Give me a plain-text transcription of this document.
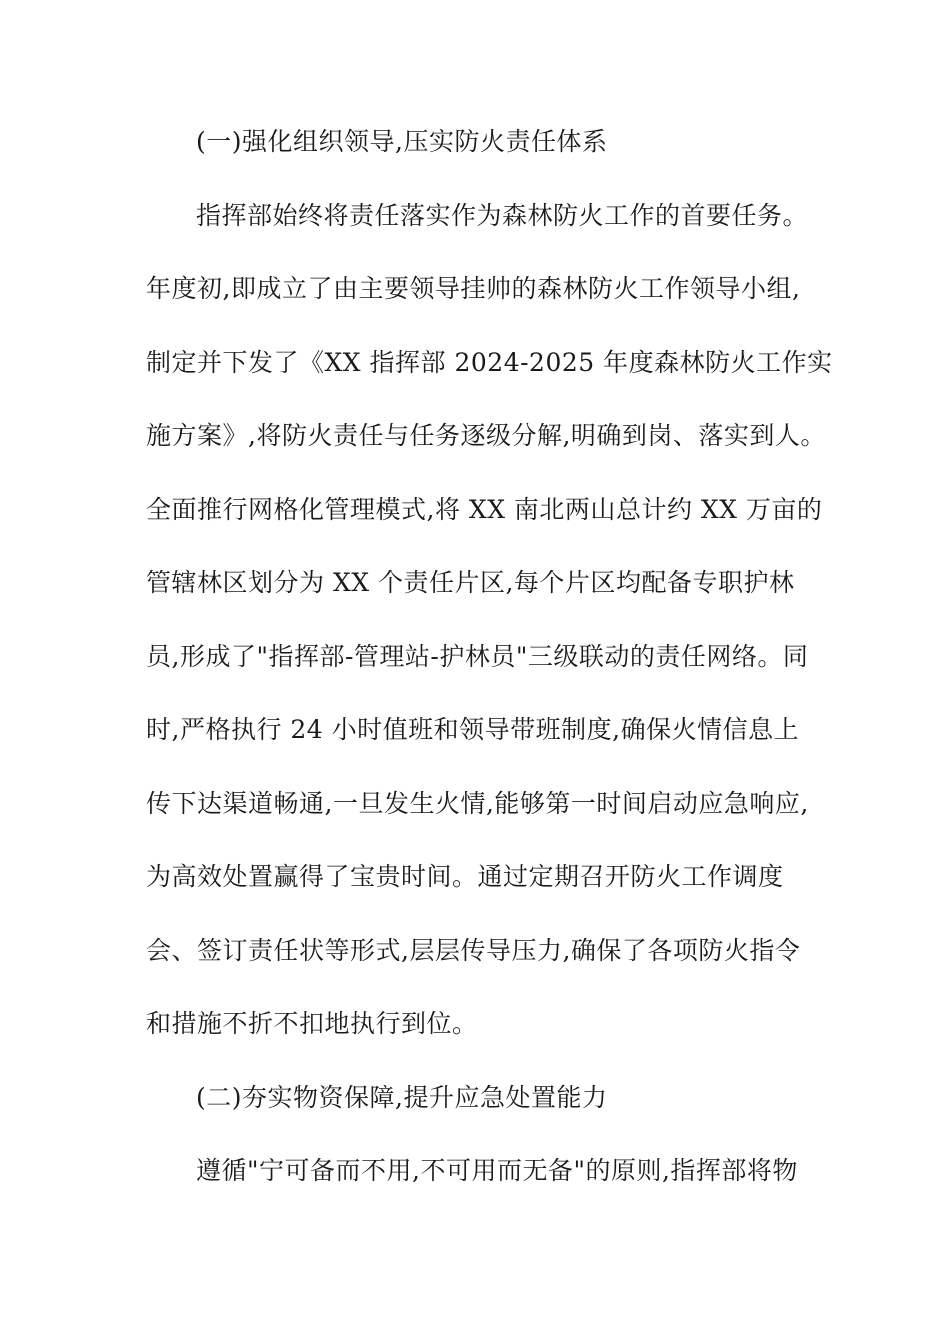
(一)强化组织领导,压实防火责任体系
指挥部始终将责任落实作为森林防火工作的首要任务。
年度初,即成立了由主要领导挂帅的森林防火工作领导小组,
制定并下发了《XX 指挥部 2024-2025 年度森林防火工作实
施方案》,将防火责任与任务逐级分解,明确到岗、落实到人。
全面推行网格化管理模式,将 XX 南北两山总计约 XX 万亩的
管辖林区划分为 XX 个责任片区,每个片区均配备专职护林
员,形成了"指挥部-管理站-护林员"三级联动的责任网络。同
时,严格执行 24 小时值班和领导带班制度,确保火情信息上
传下达渠道畅通,一旦发生火情,能够第一时间启动应急响应,
为高效处置赢得了宝贵时间。通过定期召开防火工作调度
会、签订责任状等形式,层层传导压力,确保了各项防火指令
和措施不折不扣地执行到位。
(二)夯实物资保障,提升应急处置能力
遵循"宁可备而不用,不可用而无备"的原则,指挥部将物
